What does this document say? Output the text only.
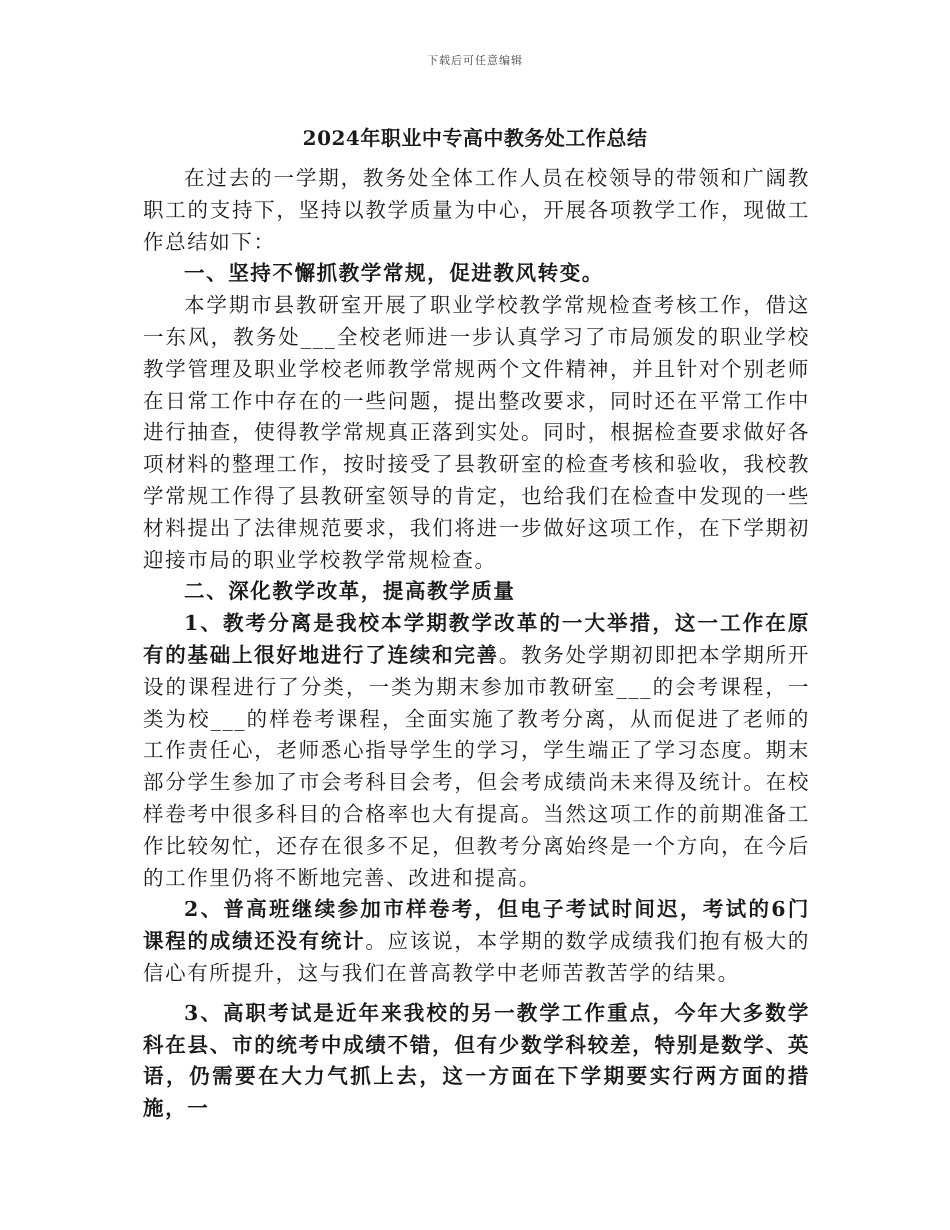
下载后可任意编辑
2024年职业中专高中教务处工作总结

在过去的一学期，教务处全体工作人员在校领导的带领和广阔教职工的支持下，坚持以教学质量为中心，开展各项教学工作，现做工作总结如下：

一、坚持不懈抓教学常规，促进教风转变。

本学期市县教研室开展了职业学校教学常规检查考核工作，借这一东风，教务处___全校老师进一步认真学习了市局颁发的职业学校教学管理及职业学校老师教学常规两个文件精神，并且针对个别老师在日常工作中存在的一些问题，提出整改要求，同时还在平常工作中进行抽查，使得教学常规真正落到实处。同时，根据检查要求做好各项材料的整理工作，按时接受了县教研室的检查考核和验收，我校教学常规工作得了县教研室领导的肯定，也给我们在检查中发现的一些材料提出了法律规范要求，我们将进一步做好这项工作，在下学期初迎接市局的职业学校教学常规检查。

二、深化教学改革，提高教学质量

1、教考分离是我校本学期教学改革的一大举措，这一工作在原有的基础上很好地进行了连续和完善。教务处学期初即把本学期所开设的课程进行了分类，一类为期末参加市教研室___的会考课程，一类为校___的样卷考课程，全面实施了教考分离，从而促进了老师的工作责任心，老师悉心指导学生的学习，学生端正了学习态度。期末部分学生参加了市会考科目会考，但会考成绩尚未来得及统计。在校样卷考中很多科目的合格率也大有提高。当然这项工作的前期准备工作比较匆忙，还存在很多不足，但教考分离始终是一个方向，在今后的工作里仍将不断地完善、改进和提高。

2、普高班继续参加市样卷考，但电子考试时间迟，考试的6门课程的成绩还没有统计。应该说，本学期的数学成绩我们抱有极大的信心有所提升，这与我们在普高教学中老师苦教苦学的结果。

3、高职考试是近年来我校的另一教学工作重点，今年大多数学科在县、市的统考中成绩不错，但有少数学科较差，特别是数学、英语，仍需要在大力气抓上去，这一方面在下学期要实行两方面的措施，一
